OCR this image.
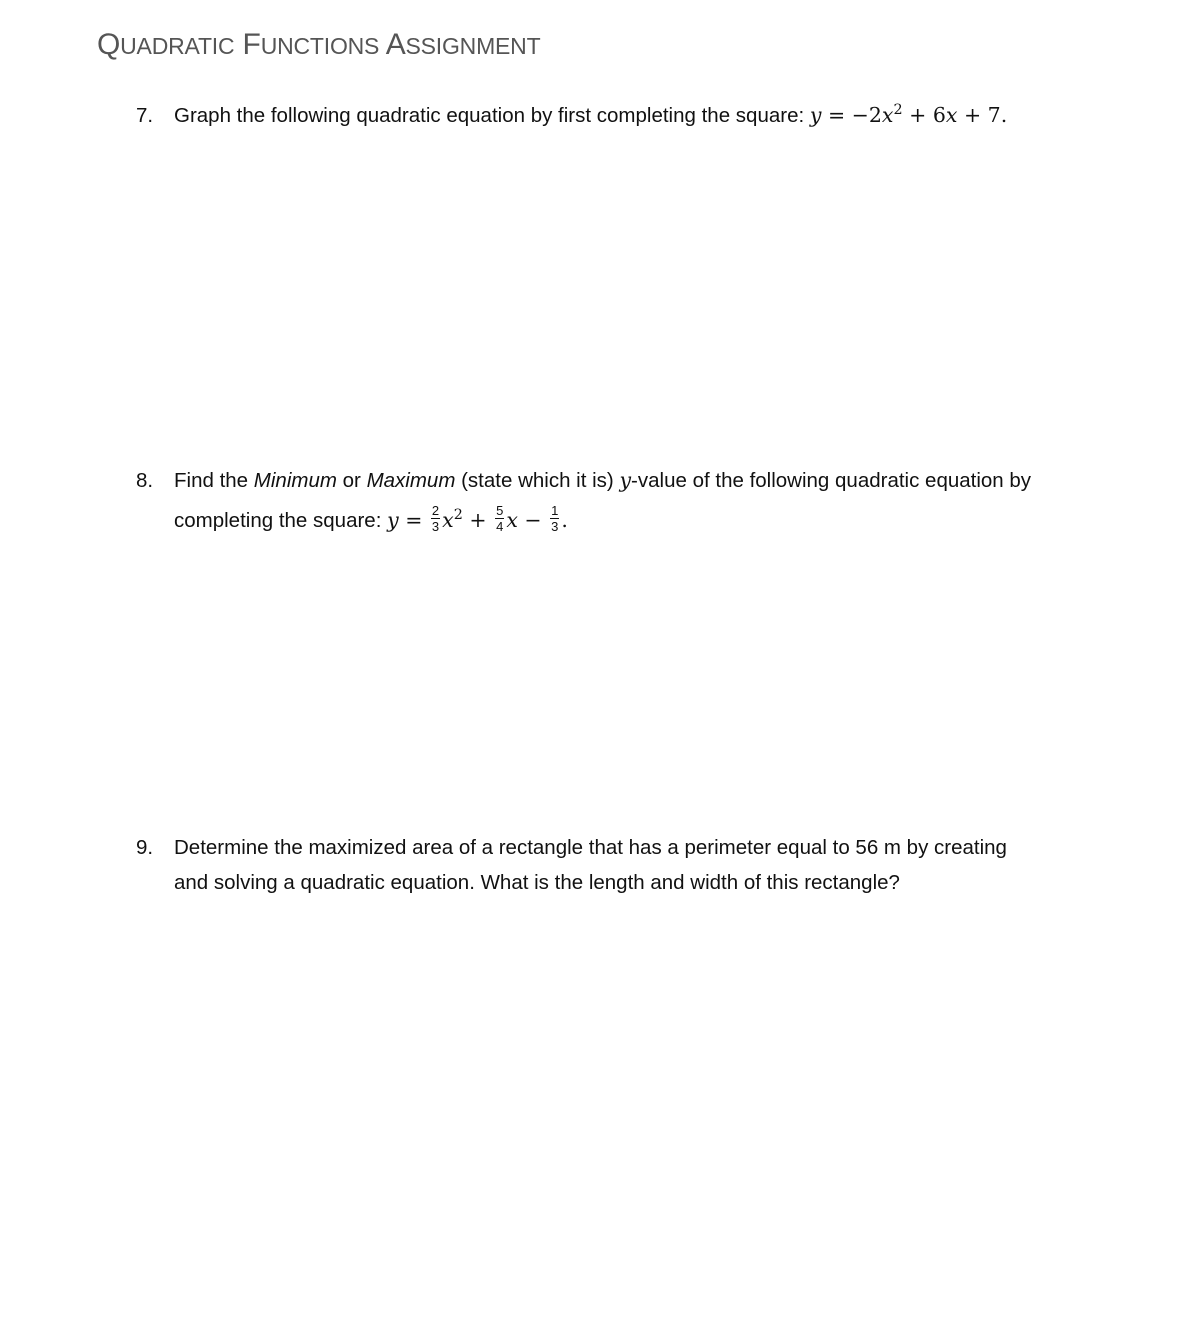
QUADRATIC FUNCTIONS ASSIGNMENT
7.	Graph the following quadratic equation by first completing the square: $y = -2x^2 + 6x + 7$.
8.	Find the Minimum or Maximum (state which it is) y-value of the following quadratic equation by
completing the square: $y = \frac{2}{3} x^2 + \frac{5}{4}$ $x - \frac{1}{3}$ .
9.	Determine the maximized area of a rectangle that has a perimeter equal to 56 m by creating
and solving a quadratic equation. What is the length and width of this rectangle?
